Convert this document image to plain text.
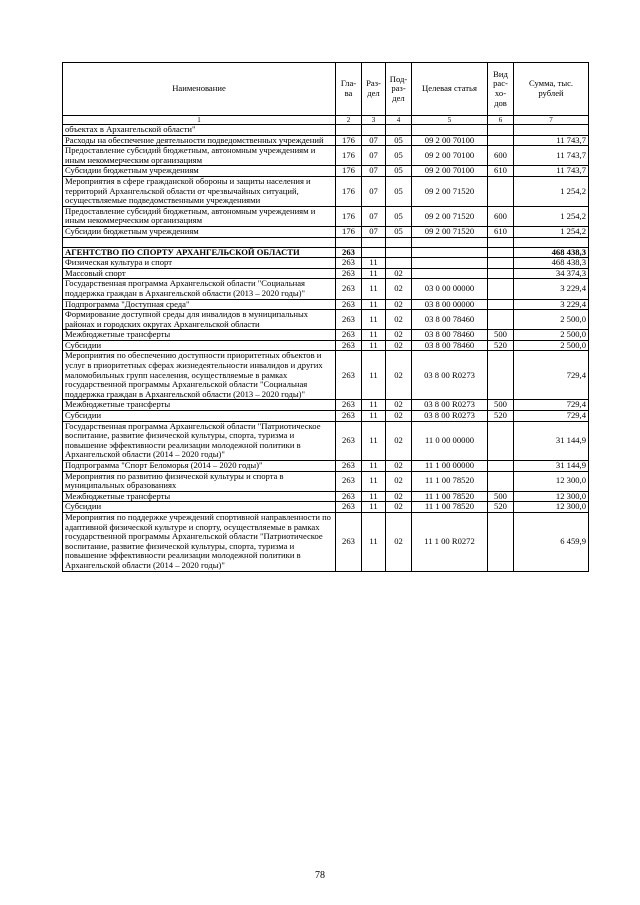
Наименование	Гла-ва	Раз-дел	Под-раз-дел	Целевая статья	Вид рас-хо-дов	Сумма, тыс. рублей
1	2	3	4	5	6	7
объектах в Архангельской области"						
Расходы на обеспечение деятельности подведомственных учреждений	176	07	05	09 2 00 70100		11 743,7
Предоставление субсидий бюджетным, автономным учреждениям и иным некоммерческим организациям	176	07	05	09 2 00 70100	600	11 743,7
Субсидии бюджетным учреждениям	176	07	05	09 2 00 70100	610	11 743,7
Мероприятия в сфере гражданской обороны и защиты населения и территорий Архангельской области от чрезвычайных ситуаций, осуществляемые подведомственными учреждениями	176	07	05	09 2 00 71520		1 254,2
Предоставление субсидий бюджетным, автономным учреждениям и иным некоммерческим организациям	176	07	05	09 2 00 71520	600	1 254,2
Субсидии бюджетным учреждениям	176	07	05	09 2 00 71520	610	1 254,2

АГЕНТСТВО ПО СПОРТУ АРХАНГЕЛЬСКОЙ ОБЛАСТИ	263					468 438,3
Физическая культура и спорт	263	11				468 438,3
Массовый спорт	263	11	02			34 374,3
Государственная программа Архангельской области "Социальная поддержка граждан в Архангельской области (2013 – 2020 годы)"	263	11	02	03 0 00 00000		3 229,4
Подпрограмма "Доступная среда"	263	11	02	03 8 00 00000		3 229,4
Формирование доступной среды для инвалидов в муниципальных районах и городских округах Архангельской области	263	11	02	03 8 00 78460		2 500,0
Межбюджетные трансферты	263	11	02	03 8 00 78460	500	2 500,0
Субсидии	263	11	02	03 8 00 78460	520	2 500,0
Мероприятия по обеспечению доступности приоритетных объектов и услуг в приоритетных сферах жизнедеятельности инвалидов и других маломобильных групп населения, осуществляемые в рамках государственной программы Архангельской области "Социальная поддержка граждан в Архангельской области (2013 – 2020 годы)"	263	11	02	03 8 00 R0273		729,4
Межбюджетные трансферты	263	11	02	03 8 00 R0273	500	729,4
Субсидии	263	11	02	03 8 00 R0273	520	729,4
Государственная программа Архангельской области "Патриотическое воспитание, развитие физической культуры, спорта, туризма и повышение эффективности реализации молодежной политики в Архангельской области (2014 – 2020 годы)"	263	11	02	11 0 00 00000		31 144,9
Подпрограмма "Спорт Беломорья (2014 – 2020 годы)"	263	11	02	11 1 00 00000		31 144,9
Мероприятия по развитию физической культуры и спорта в муниципальных образованиях	263	11	02	11 1 00 78520		12 300,0
Межбюджетные трансферты	263	11	02	11 1 00 78520	500	12 300,0
Субсидии	263	11	02	11 1 00 78520	520	12 300,0
Мероприятия по поддержке учреждений спортивной направленности по адаптивной физической культуре и спорту, осуществляемые в рамках государственной программы Архангельской области "Патриотическое воспитание, развитие физической культуры, спорта, туризма и повышение эффективности реализации молодежной политики в Архангельской области (2014 – 2020 годы)"	263	11	02	11 1 00 R0272		6 459,9
78
